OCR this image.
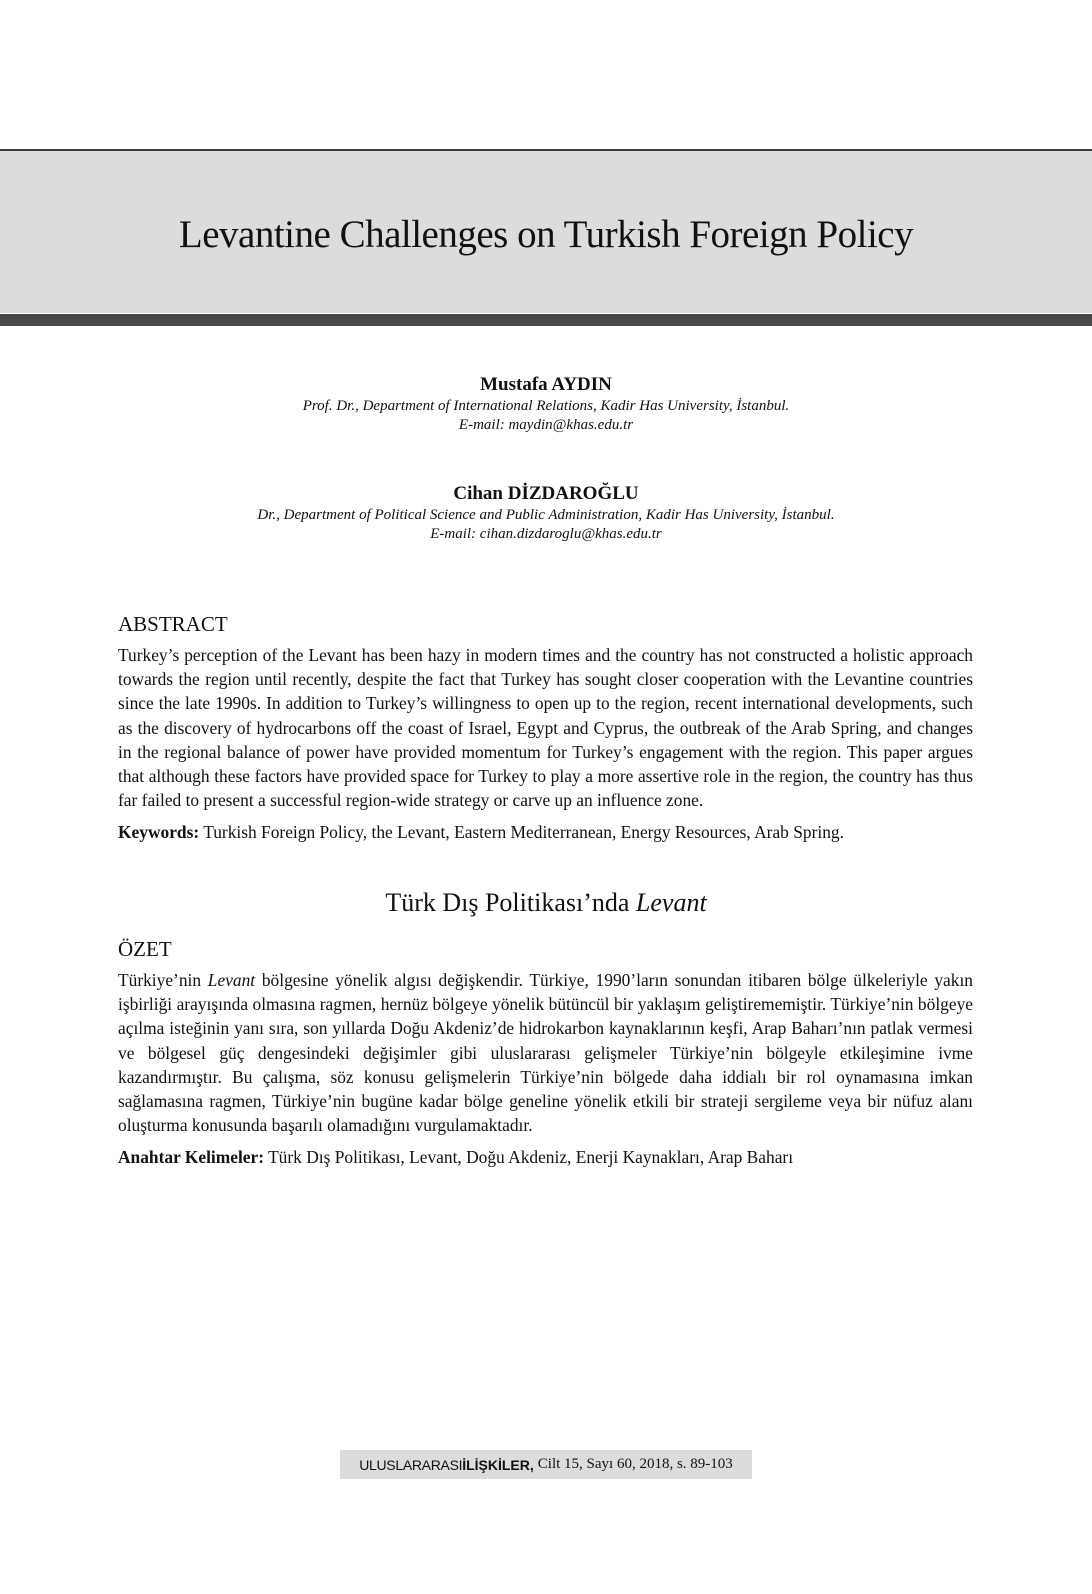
Levantine Challenges on Turkish Foreign Policy

Mustafa AYDIN

Prof. Dr., Department of International Relations, Kadir Has University, İstanbul.

E-mail: maydin@khas.edu.tr

Cihan DİZDAROĞLU

Dr., Department of Political Science and Public Administration, Kadir Has University, İstanbul.

E-mail: cihan.dizdaroglu@khas.edu.tr

ABSTRACT

Turkey’s perception of the Levant has been hazy in modern times and the country has not constructed a holistic approach towards the region until recently, despite the fact that Turkey has sought closer cooperation with the Levantine countries since the late 1990s. In addition to Turkey’s willingness to open up to the region, recent international developments, such as the discovery of hydrocarbons off the coast of Israel, Egypt and Cyprus, the outbreak of the Arab Spring, and changes in the regional balance of power have provided momentum for Turkey’s engagement with the region. This paper argues that although these factors have provided space for Turkey to play a more assertive role in the region, the country has thus far failed to present a successful region-wide strategy or carve up an influence zone.

Keywords: Turkish Foreign Policy, the Levant, Eastern Mediterranean, Energy Resources, Arab Spring.

Türk Dış Politikası’nda Levant
ÖZET

Türkiye’nin Levant bölgesine yönelik algısı değişkendir. Türkiye, 1990’ların sonundan itibaren bölge ülkeleriyle yakın işbirliği arayışında olmasına ragmen, hernüz bölgeye yönelik bütüncül bir yaklaşım geliştirememiştir. Türkiye’nin bölgeye açılma isteğinin yanı sıra, son yıllarda Doğu Akdeniz’de hidrokarbon kaynaklarının keşfi, Arap Baharı’nın patlak vermesi ve bölgesel güç dengesindeki değişimler gibi uluslararası gelişmeler Türkiye’nin bölgeyle etkileşimine ivme kazandırmıştır. Bu çalışma, söz konusu gelişmelerin Türkiye’nin bölgede daha iddialı bir rol oynamasına imkan sağlamasına ragmen, Türkiye’nin bugüne kadar bölge geneline yönelik etkili bir strateji sergileme veya bir nüfuz alanı oluşturma konusunda başarılı olamadığını vurgulamaktadır.

Anahtar Kelimeler: Türk Dış Politikası, Levant, Doğu Akdeniz, Enerji Kaynakları, Arap Baharı

ULUSLARARASI İLİŞKİLER, Cilt 15, Sayı 60, 2018, s. 89-103
